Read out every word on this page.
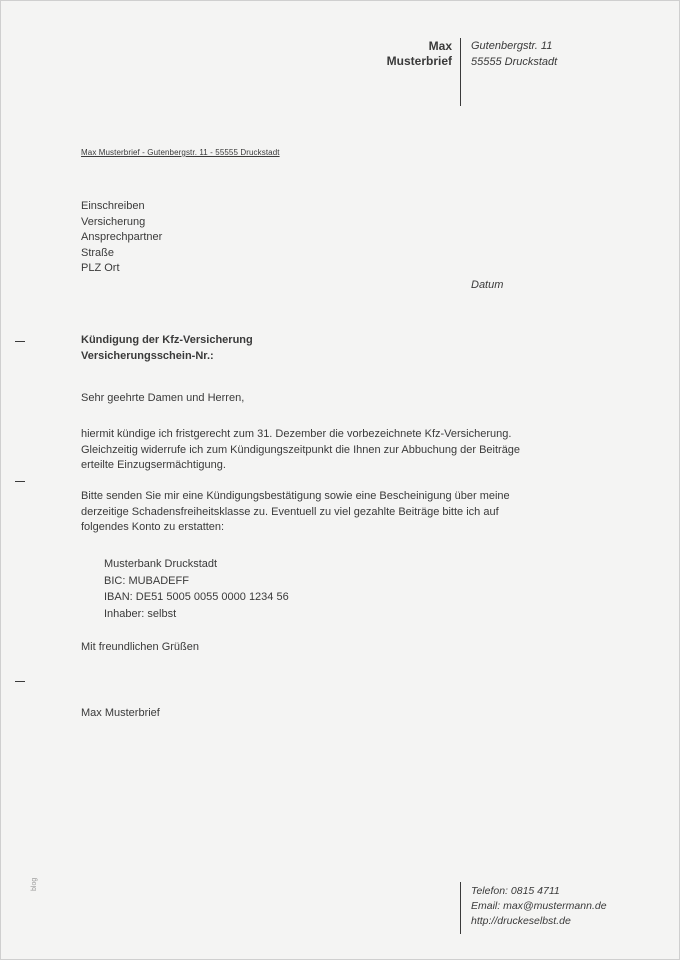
Max
Musterbrief
Gutenbergstr. 11
55555 Druckstadt
Max Musterbrief - Gutenbergstr. 11 - 55555 Druckstadt
Einschreiben
Versicherung
Ansprechpartner
Straße
PLZ Ort
Datum
Kündigung der Kfz-Versicherung
Versicherungsschein-Nr.:
Sehr geehrte Damen und Herren,
hiermit kündige ich fristgerecht zum 31. Dezember die vorbezeichnete Kfz-Versicherung.
Gleichzeitig widerrufe ich zum Kündigungszeitpunkt die Ihnen zur Abbuchung der Beiträge
erteilte Einzugsermächtigung.
Bitte senden Sie mir eine Kündigungsbestätigung sowie eine Bescheinigung über meine
derzeitige Schadensfreiheitsklasse zu. Eventuell zu viel gezahlte Beiträge bitte ich auf
folgendes Konto zu erstatten:
Musterbank Druckstadt
BIC: MUBADEFF
IBAN: DE51 5005 0055 0000 1234 56
Inhaber: selbst
Mit freundlichen Grüßen
Max Musterbrief
Telefon: 0815 4711
Email: max@mustermann.de
http://druckeselbst.de
blog
